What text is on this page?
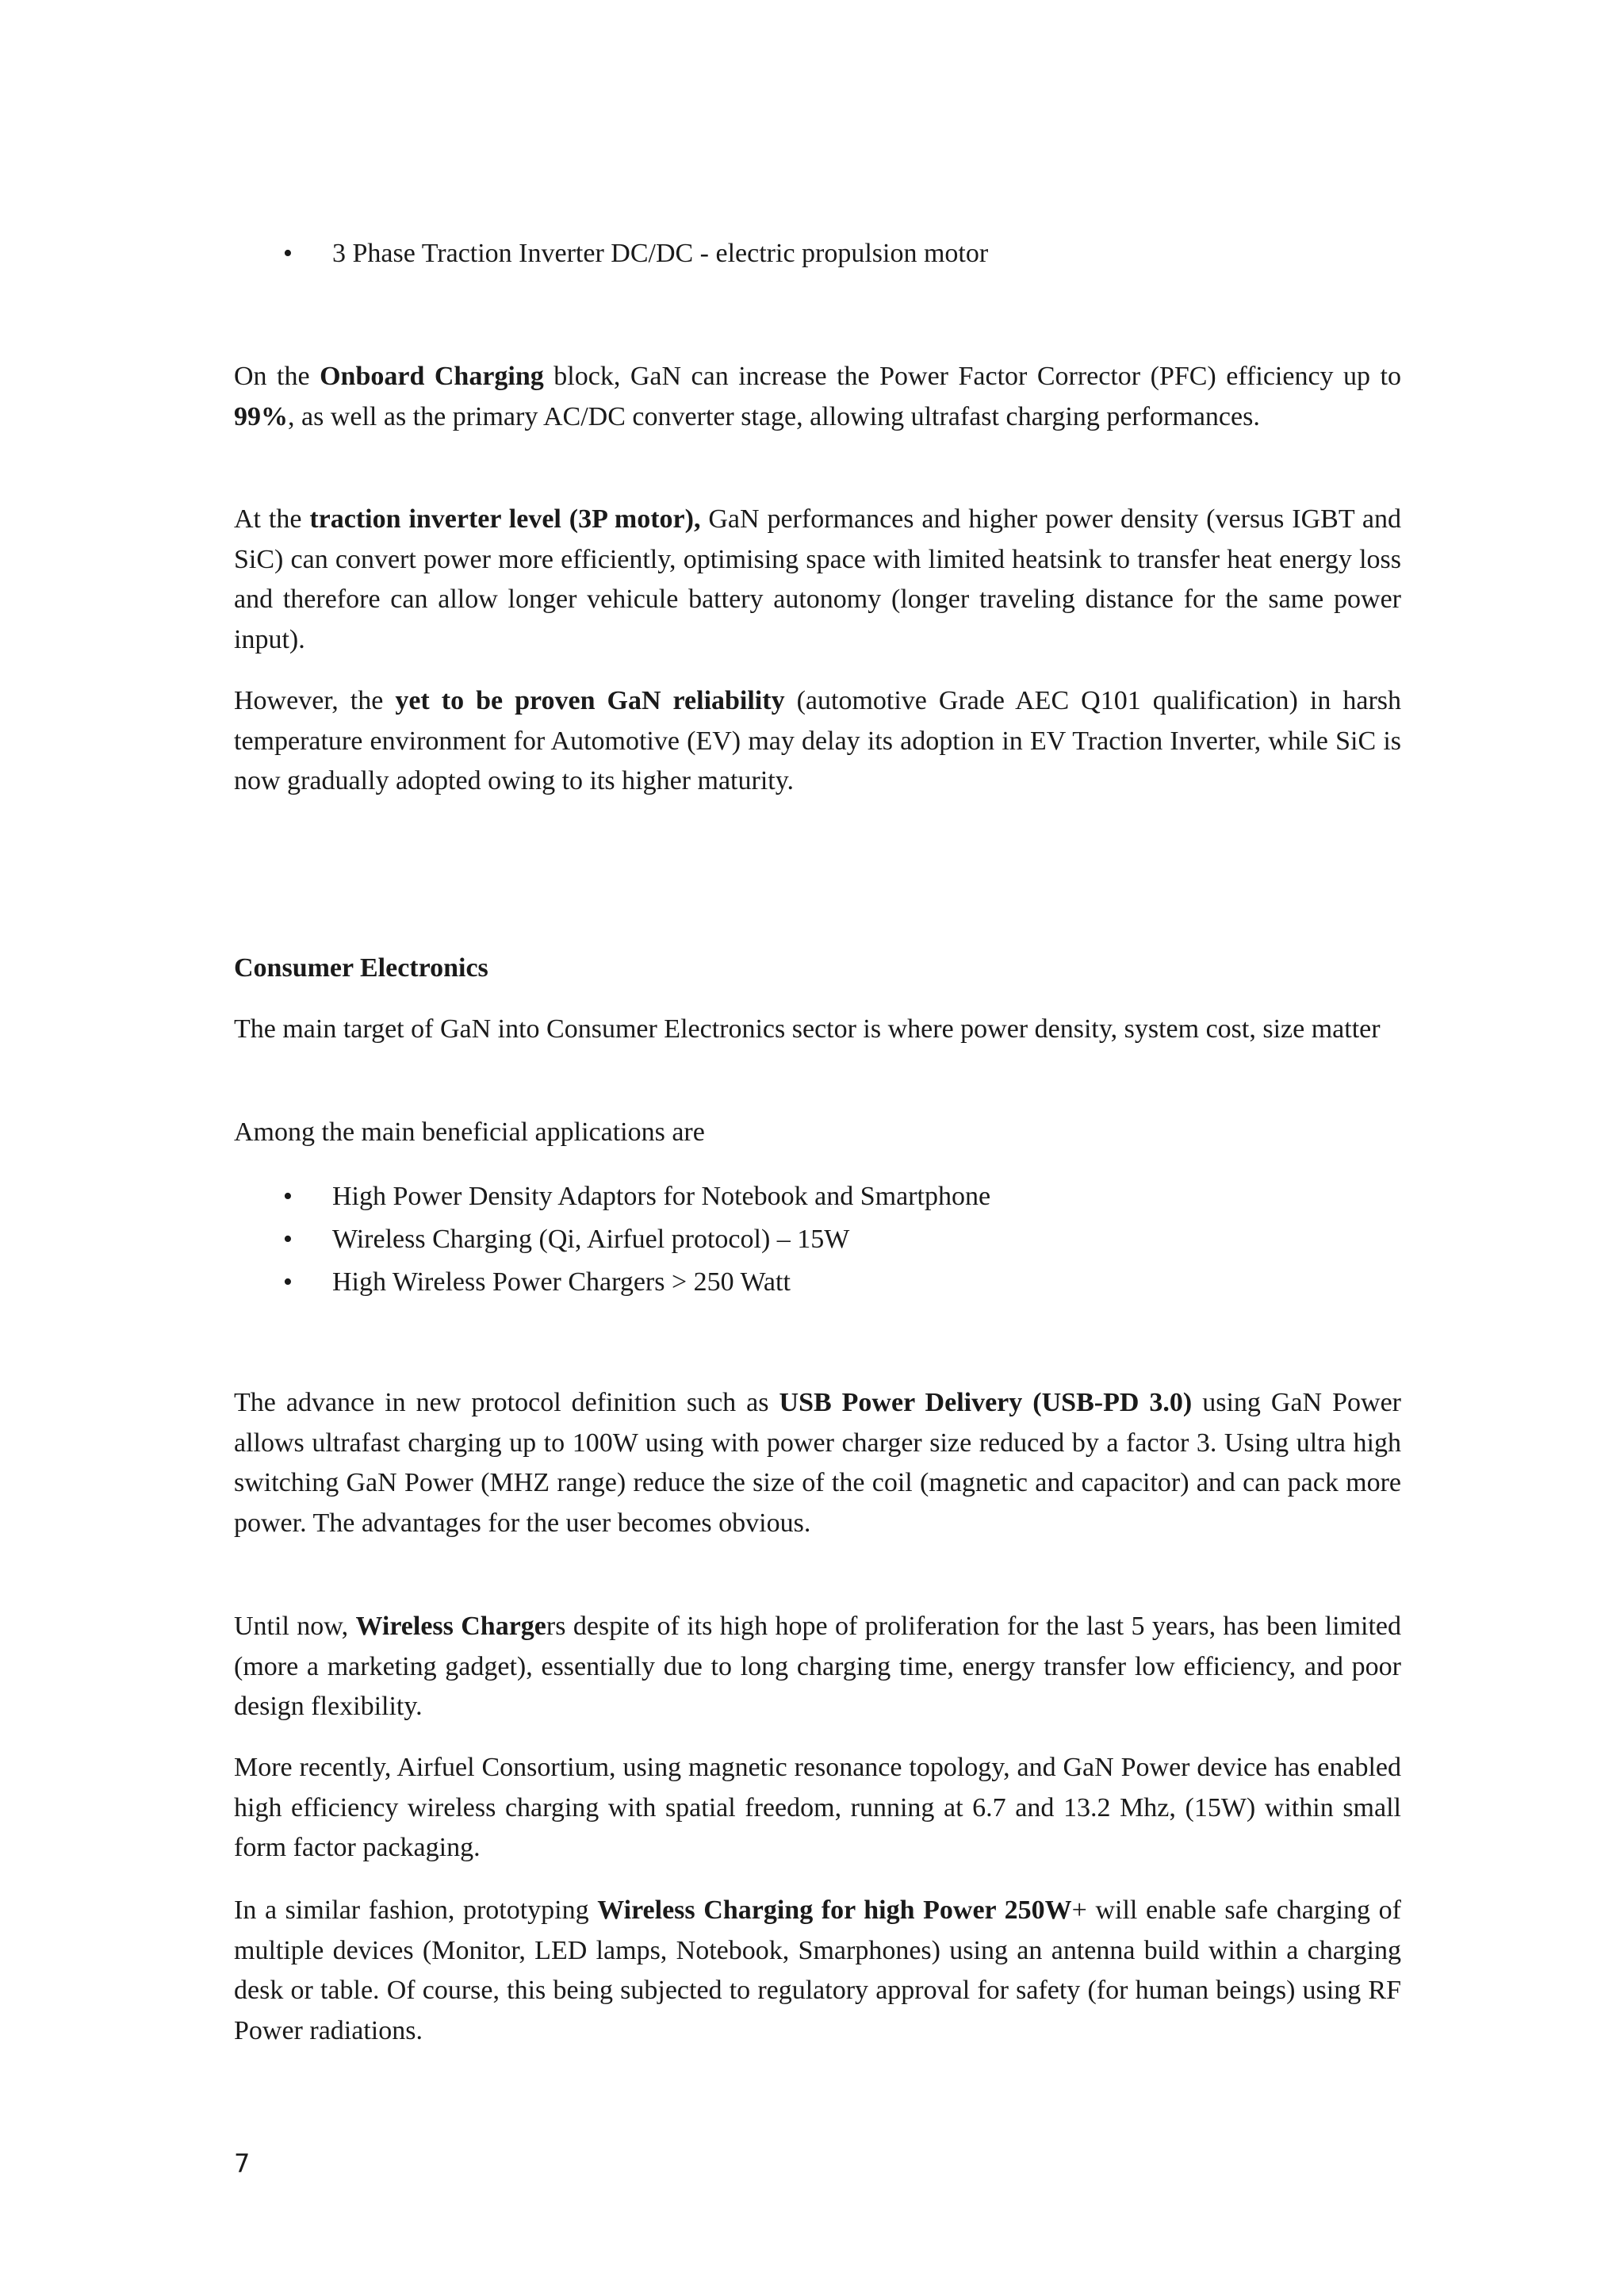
• 3 Phase Traction Inverter DC/DC - electric propulsion motor

On the Onboard Charging block, GaN can increase the Power Factor Corrector (PFC) efficiency up to 99%, as well as the primary AC/DC converter stage, allowing ultrafast charging performances.

At the traction inverter level (3P motor), GaN performances and higher power density (versus IGBT and SiC) can convert power more efficiently, optimising space with limited heatsink to transfer heat energy loss and therefore can allow longer vehicule battery autonomy (longer traveling distance for the same power input).

However, the yet to be proven GaN reliability (automotive Grade AEC Q101 qualification) in harsh temperature environment for Automotive (EV) may delay its adoption in EV Traction Inverter, while SiC is now gradually adopted owing to its higher maturity.

Consumer Electronics

The main target of GaN into Consumer Electronics sector is where power density, system cost, size matter

Among the main beneficial applications are

• High Power Density Adaptors for Notebook and Smartphone
• Wireless Charging (Qi, Airfuel protocol) – 15W
• High Wireless Power Chargers > 250 Watt

The advance in new protocol definition such as USB Power Delivery (USB-PD 3.0) using GaN Power allows ultrafast charging up to 100W using with power charger size reduced by a factor 3. Using ultra high switching GaN Power (MHZ range) reduce the size of the coil (magnetic and capacitor) and can pack more power. The advantages for the user becomes obvious.

Until now, Wireless Chargers despite of its high hope of proliferation for the last 5 years, has been limited (more a marketing gadget), essentially due to long charging time, energy transfer low efficiency, and poor design flexibility.

More recently, Airfuel Consortium, using magnetic resonance topology, and GaN Power device has enabled high efficiency wireless charging with spatial freedom, running at 6.7 and 13.2 Mhz, (15W) within small form factor packaging.

In a similar fashion, prototyping Wireless Charging for high Power 250W+ will enable safe charging of multiple devices (Monitor, LED lamps, Notebook, Smarphones) using an antenna build within a charging desk or table. Of course, this being subjected to regulatory approval for safety (for human beings) using RF Power radiations.

7
